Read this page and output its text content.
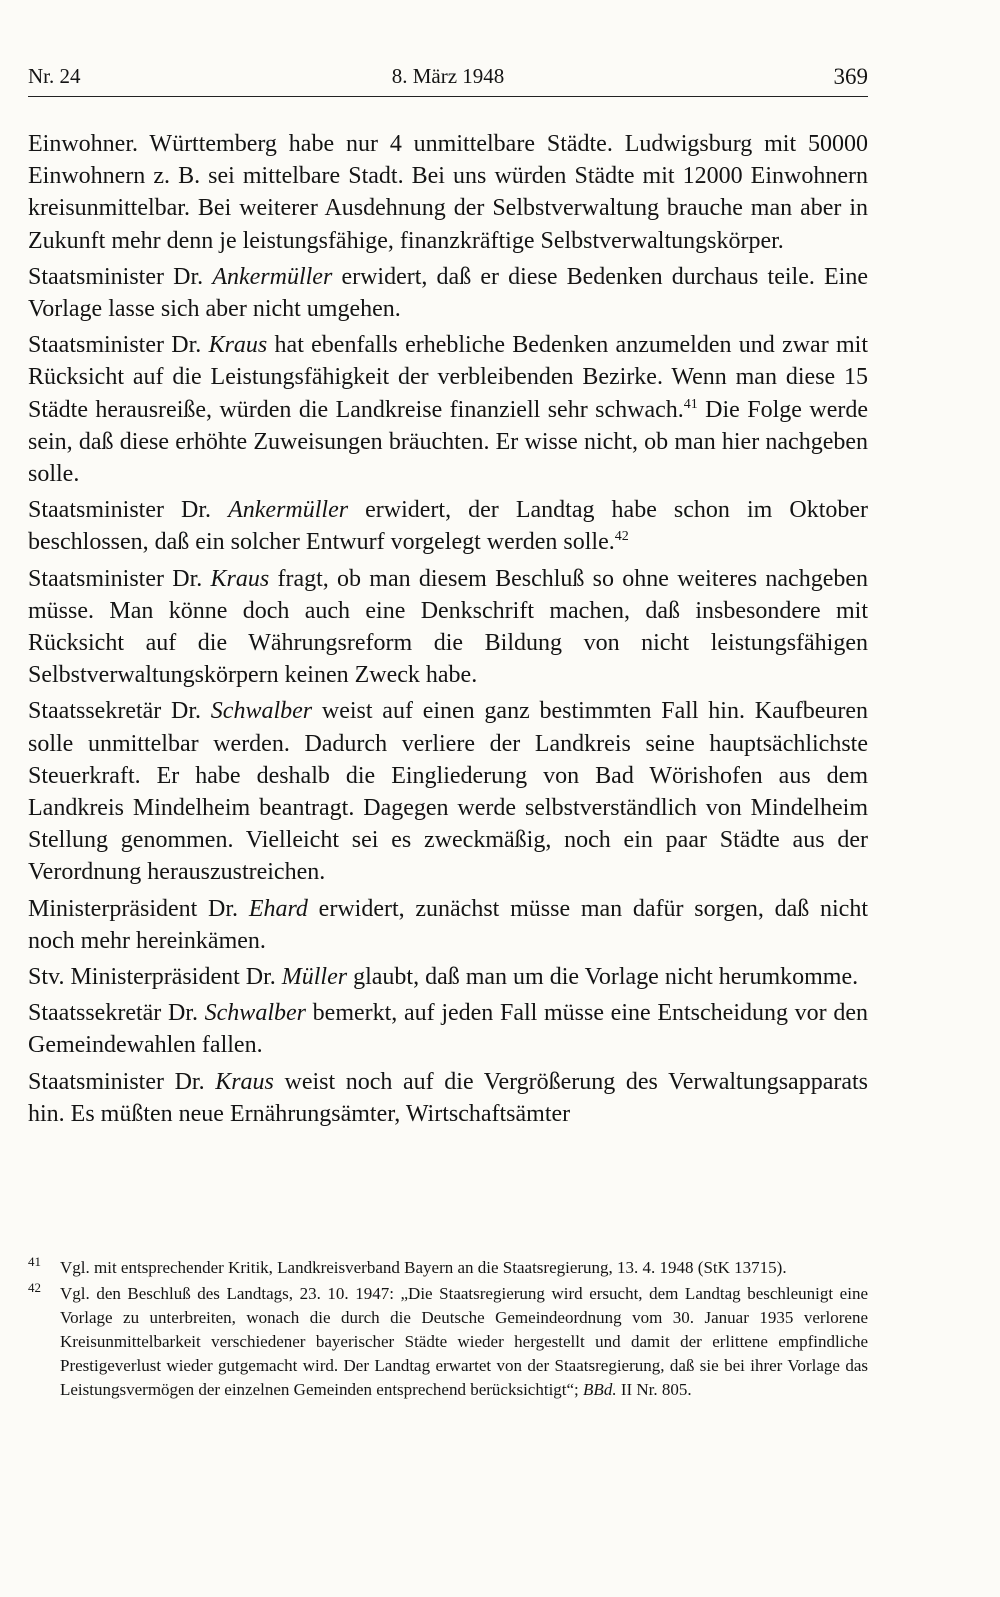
Nr. 24	8. März 1948	369

Einwohner. Württemberg habe nur 4 unmittelbare Städte. Ludwigsburg mit 50000 Einwohnern z. B. sei mittelbare Stadt. Bei uns würden Städte mit 12000 Einwohnern kreisunmittelbar. Bei weiterer Ausdehnung der Selbstverwaltung brauche man aber in Zukunft mehr denn je leistungsfähige, finanzkräftige Selbstverwaltungskörper.

Staatsminister Dr. Ankermüller erwidert, daß er diese Bedenken durchaus teile. Eine Vorlage lasse sich aber nicht umgehen.

Staatsminister Dr. Kraus hat ebenfalls erhebliche Bedenken anzumelden und zwar mit Rücksicht auf die Leistungsfähigkeit der verbleibenden Bezirke. Wenn man diese 15 Städte herausreiße, würden die Landkreise finanziell sehr schwach.$^{41}$ Die Folge werde sein, daß diese erhöhte Zuweisungen bräuchten. Er wisse nicht, ob man hier nachgeben solle.

Staatsminister Dr. Ankermüller erwidert, der Landtag habe schon im Oktober beschlossen, daß ein solcher Entwurf vorgelegt werden solle.$^{42}$

Staatsminister Dr. Kraus fragt, ob man diesem Beschluß so ohne weiteres nachgeben müsse. Man könne doch auch eine Denkschrift machen, daß insbesondere mit Rücksicht auf die Währungsreform die Bildung von nicht leistungsfähigen Selbstverwaltungskörpern keinen Zweck habe.

Staatssekretär Dr. Schwalber weist auf einen ganz bestimmten Fall hin. Kaufbeuren solle unmittelbar werden. Dadurch verliere der Landkreis seine hauptsächlichste Steuerkraft. Er habe deshalb die Eingliederung von Bad Wörishofen aus dem Landkreis Mindelheim beantragt. Dagegen werde selbstverständlich von Mindelheim Stellung genommen. Vielleicht sei es zweckmäßig, noch ein paar Städte aus der Verordnung herauszustreichen.

Ministerpräsident Dr. Ehard erwidert, zunächst müsse man dafür sorgen, daß nicht noch mehr hereinkämen.

Stv. Ministerpräsident Dr. Müller glaubt, daß man um die Vorlage nicht herumkomme.

Staatssekretär Dr. Schwalber bemerkt, auf jeden Fall müsse eine Entscheidung vor den Gemeindewahlen fallen.

Staatsminister Dr. Kraus weist noch auf die Vergrößerung des Verwaltungsapparats hin. Es müßten neue Ernährungsämter, Wirtschaftsämter

41 Vgl. mit entsprechender Kritik, Landkreisverband Bayern an die Staatsregierung, 13. 4. 1948 (StK 13715).
42 Vgl. den Beschluß des Landtags, 23. 10. 1947: „Die Staatsregierung wird ersucht, dem Landtag beschleunigt eine Vorlage zu unterbreiten, wonach die durch die Deutsche Gemeindeordnung vom 30. Januar 1935 verlorene Kreisunmittelbarkeit verschiedener bayerischer Städte wieder hergestellt und damit der erlittene empfindliche Prestigeverlust wieder gutgemacht wird. Der Landtag erwartet von der Staatsregierung, daß sie bei ihrer Vorlage das Leistungsvermögen der einzelnen Gemeinden entsprechend berücksichtigt“; BBd. II Nr. 805.
